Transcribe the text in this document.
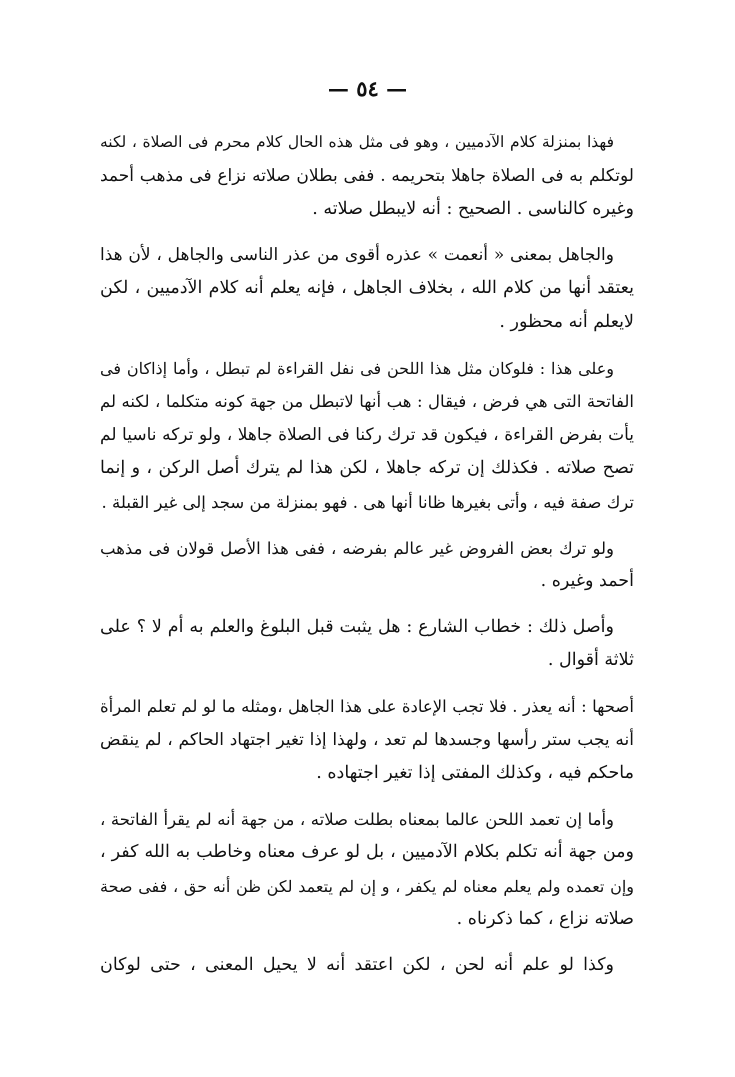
— ٥٤ —
فهذا بمنزلة كلام الآدميين ، وهو فى مثل هذه الحال كلام محرم فى الصلاة ، لكنه
لوتكلم به فى الصلاة جاهلا بتحريمه . ففى بطلان صلاته نزاع فى مذهب أحمد
وغيره كالناسى . الصحيح : أنه لايبطل صلاته .
والجاهل بمعنى « أنعمت » عذره أقوى من عذر الناسى والجاهل ، لأن هذا
يعتقد أنها من كلام الله ، بخلاف الجاهل ، فإنه يعلم أنه كلام الآدميين ، لكن
لايعلم أنه محظور .
وعلى هذا : فلوكان مثل هذا اللحن فى نفل القراءة لم تبطل ، وأما إذاكان فى
الفاتحة التى هي فرض ، فيقال : هب أنها لاتبطل من جهة كونه متكلما ، لكنه لم
يأت بفرض القراءة ، فيكون قد ترك ركنا فى الصلاة جاهلا ، ولو تركه ناسيا لم
تصح صلاته . فكذلك إن تركه جاهلا ، لكن هذا لم يترك أصل الركن ، و إنما
ترك صفة فيه ، وأتى بغيرها ظانا أنها هى . فهو بمنزلة من سجد إلى غير القبلة .
ولو ترك بعض الفروض غير عالم بفرضه ، ففى هذا الأصل قولان فى مذهب
أحمد وغيره .
وأصل ذلك : خطاب الشارع : هل يثبت قبل البلوغ والعلم به أم لا ؟ على
ثلاثة أقوال .
أصحها : أنه يعذر . فلا تجب الإعادة على هذا الجاهل ،ومثله ما لو لم تعلم المرأة
أنه يجب ستر رأسها وجسدها لم تعد ، ولهذا إذا تغير اجتهاد الحاكم ، لم ينقض
ماحكم فيه ، وكذلك المفتى إذا تغير اجتهاده .
وأما إن تعمد اللحن عالما بمعناه بطلت صلاته ، من جهة أنه لم يقرأ الفاتحة ،
ومن جهة أنه تكلم بكلام الآدميين ، بل لو عرف معناه وخاطب به الله كفر ،
وإن تعمده ولم يعلم معناه لم يكفر ، و إن لم يتعمد لكن ظن أنه حق ، ففى صحة
صلاته نزاع ، كما ذكرناه .
وكذا لو علم أنه لحن ، لكن اعتقد أنه لا يحيل المعنى ، حتى لوكان
